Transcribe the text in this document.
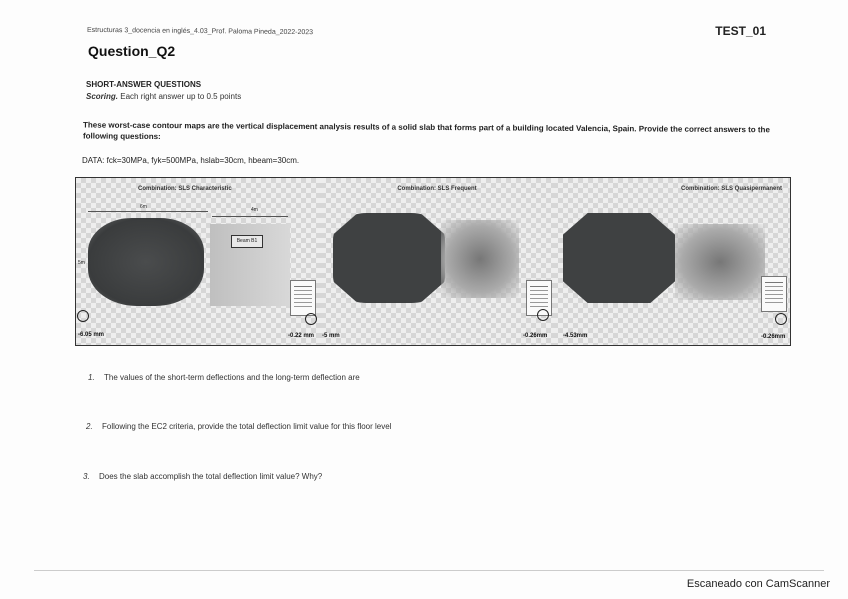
Estructuras 3_docencia en inglés_4.03_Prof. Paloma Pineda_2022-2023	TEST_01
Question_Q2
SHORT-ANSWER QUESTIONS
Scoring. Each right answer up to 0.5 points
These worst-case contour maps are the vertical displacement analysis results of a solid slab that forms part of a building located Valencia, Spain. Provide the correct answers to the following questions:
DATA: fck=30MPa, fyk=500MPa, hslab=30cm, hbeam=30cm.
Combination: SLS Characteristic
6m	4m
5m
Beam B1
-6.05 mm	-0.22 mm
Combination: SLS Frequent
-5 mm	-0.26mm
Combination: SLS Quasipermanent
-4.53mm	-0.26mm
1. The values of the short-term deflections and the long-term deflection are
2. Following the EC2 criteria, provide the total deflection limit value for this floor level
3. Does the slab accomplish the total deflection limit value? Why?
Escaneado con CamScanner
